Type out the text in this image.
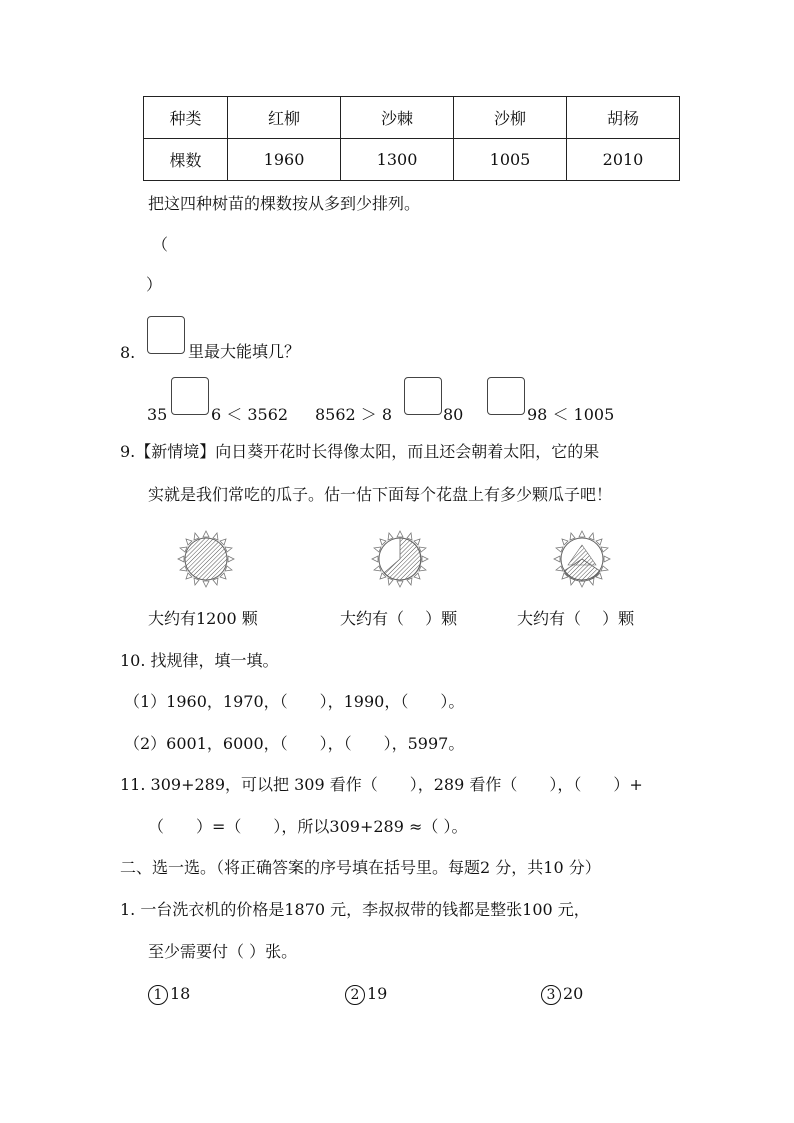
种类	红柳	沙棘	沙柳	胡杨
棵数	1960	1300	1005	2010
把这四种树苗的棵数按从多到少排列。
（
）
8.	里最大能填几？
35	6 ＜ 3562 8562 ＞ 8	80	98 ＜ 1005
9.【新情境】向日葵开花时长得像太阳，而且还会朝着太阳，它的果
实就是我们常吃的瓜子。估一估下面每个花盘上有多少颗瓜子吧！
大约有1200 颗	大约有（　 ）颗	大约有（　 ）颗
10. 找规律，填一填。
（1）1960，1970，（　　），1990，（　　）。
（2）6001，6000，（　　），（　　），5997。
11. 309+289，可以把 309 看作（　　），289 看作（　　），（　　）+
（　　）=（　　），所以309+289 ≈（ ）。
二、选一选。（将正确答案的序号填在括号里。每题2 分，共10 分）
1. 一台洗衣机的价格是1870 元，李叔叔带的钱都是整张100 元，
至少需要付（ ）张。
1 18	2 19	3 20
